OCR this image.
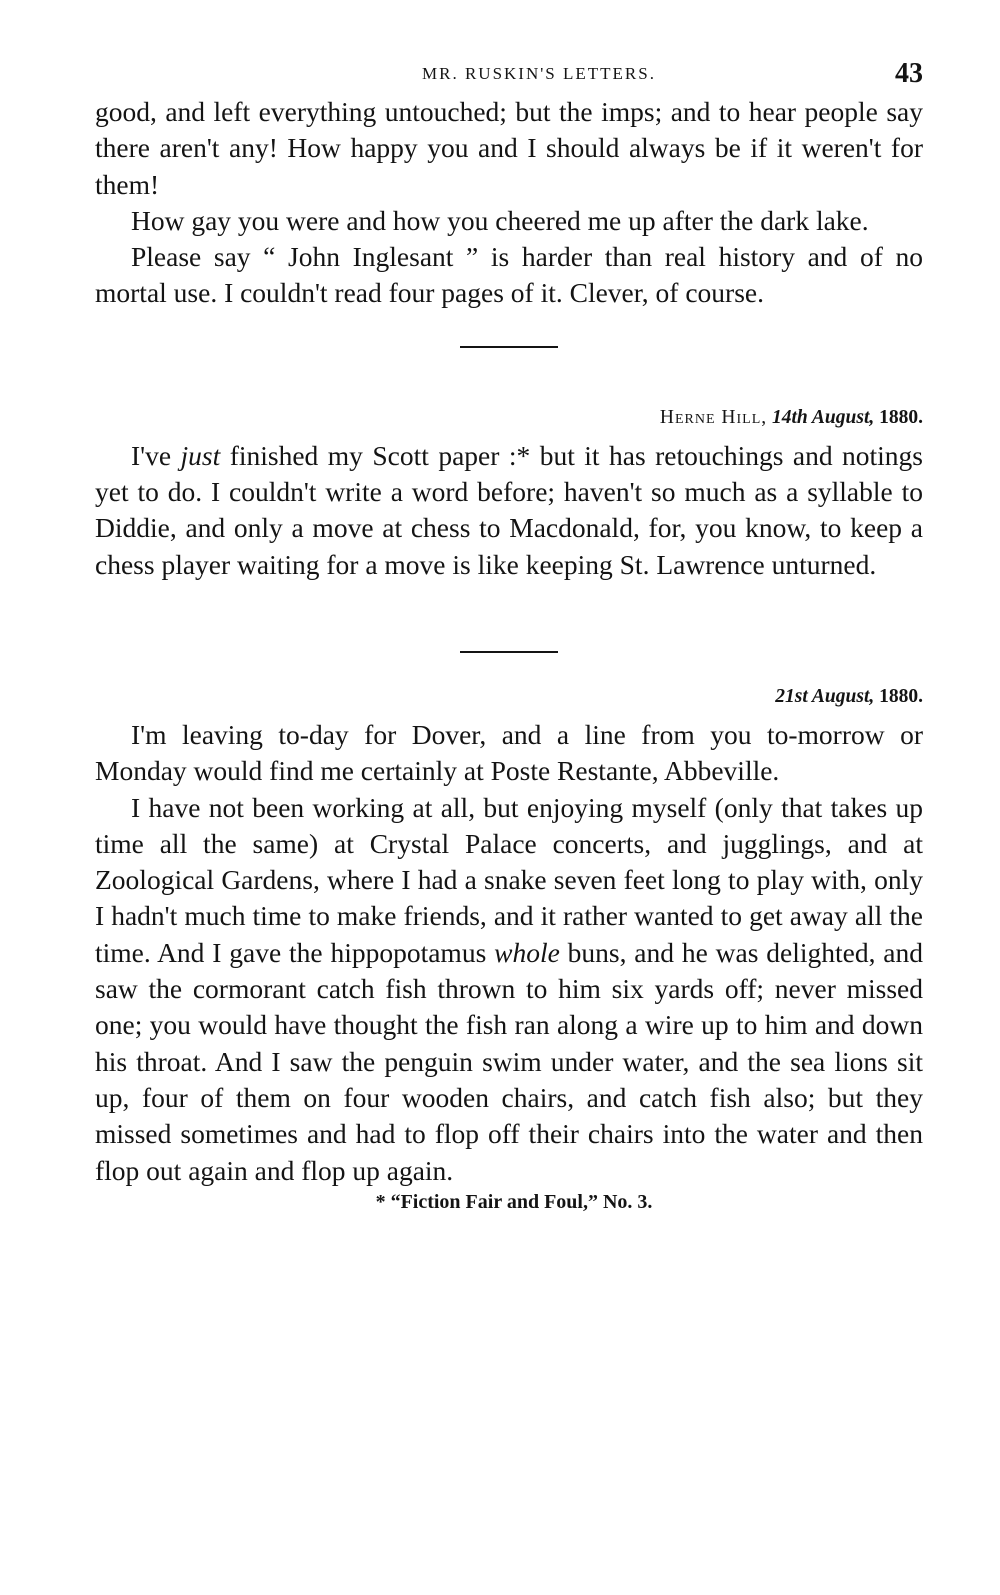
MR. RUSKIN'S LETTERS.	43

good, and left everything untouched; but the imps; and to hear people say there aren't any! How happy you and I should always be if it weren't for them!

How gay you were and how you cheered me up after the dark lake.

Please say “ John Inglesant ” is harder than real history and of no mortal use. I couldn't read four pages of it. Clever, of course.

Herne Hill, 14th August, 1880.

I've just finished my Scott paper :* but it has retouchings and notings yet to do. I couldn't write a word before; haven't so much as a syllable to Diddie, and only a move at chess to Macdonald, for, you know, to keep a chess player waiting for a move is like keeping St. Lawrence unturned.

21st August, 1880.

I'm leaving to-day for Dover, and a line from you to-morrow or Monday would find me certainly at Poste Restante, Abbeville.

I have not been working at all, but enjoying myself (only that takes up time all the same) at Crystal Palace concerts, and jugglings, and at Zoological Gardens, where I had a snake seven feet long to play with, only I hadn't much time to make friends, and it rather wanted to get away all the time. And I gave the hippopotamus whole buns, and he was delighted, and saw the cormorant catch fish thrown to him six yards off; never missed one; you would have thought the fish ran along a wire up to him and down his throat. And I saw the penguin swim under water, and the sea lions sit up, four of them on four wooden chairs, and catch fish also; but they missed sometimes and had to flop off their chairs into the water and then flop out again and flop up again.

* “Fiction Fair and Foul,” No. 3.
